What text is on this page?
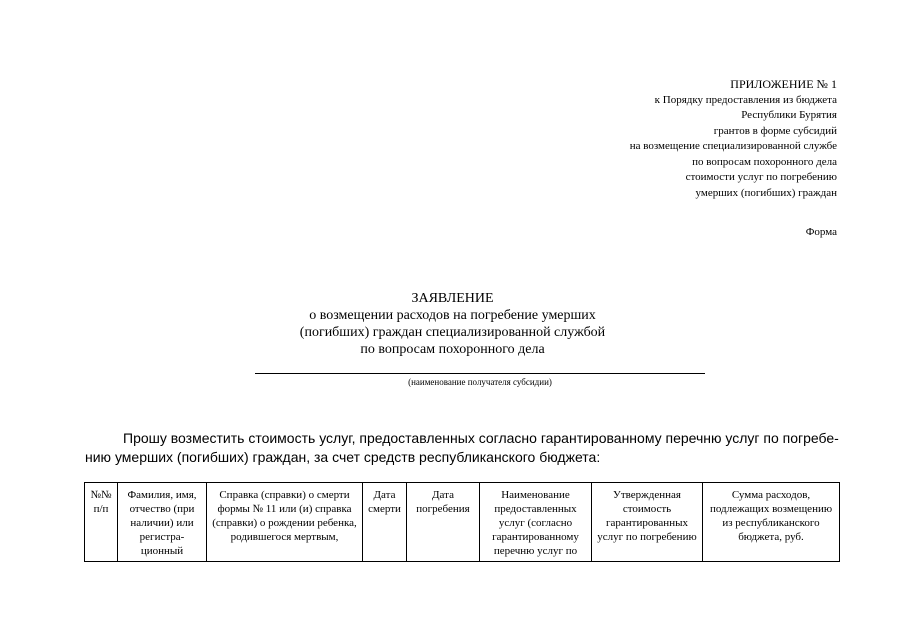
ПРИЛОЖЕНИЕ № 1
к Порядку предоставления из бюджета
Республики Бурятия
грантов в форме субсидий
на возмещение специализированной службе
по вопросам похоронного дела
стоимости услуг по погребению
умерших (погибших) граждан
Форма
ЗАЯВЛЕНИЕ
о возмещении расходов на погребение умерших
(погибших) граждан специализированной службой
по вопросам похоронного дела
(наименование получателя субсидии)
Прошу возместить стоимость услуг, предоставленных согласно гарантированному перечню услуг по погребе-
нию умерших (погибших) граждан, за счет средств республиканского бюджета:
№№ п/п	Фамилия, имя, отчество (при наличии) или регистра-ционный	Справка (справки) о смерти формы № 11 или (и) справка (справки) о рождении ребенка, родившегося мертвым,	Дата смерти	Дата погребения	Наименование предоставленных услуг (согласно гарантированному перечню услуг по	Утвержденная стоимость гарантированных услуг по погребению	Сумма расходов, подлежащих возмещению из республиканского бюджета, руб.
